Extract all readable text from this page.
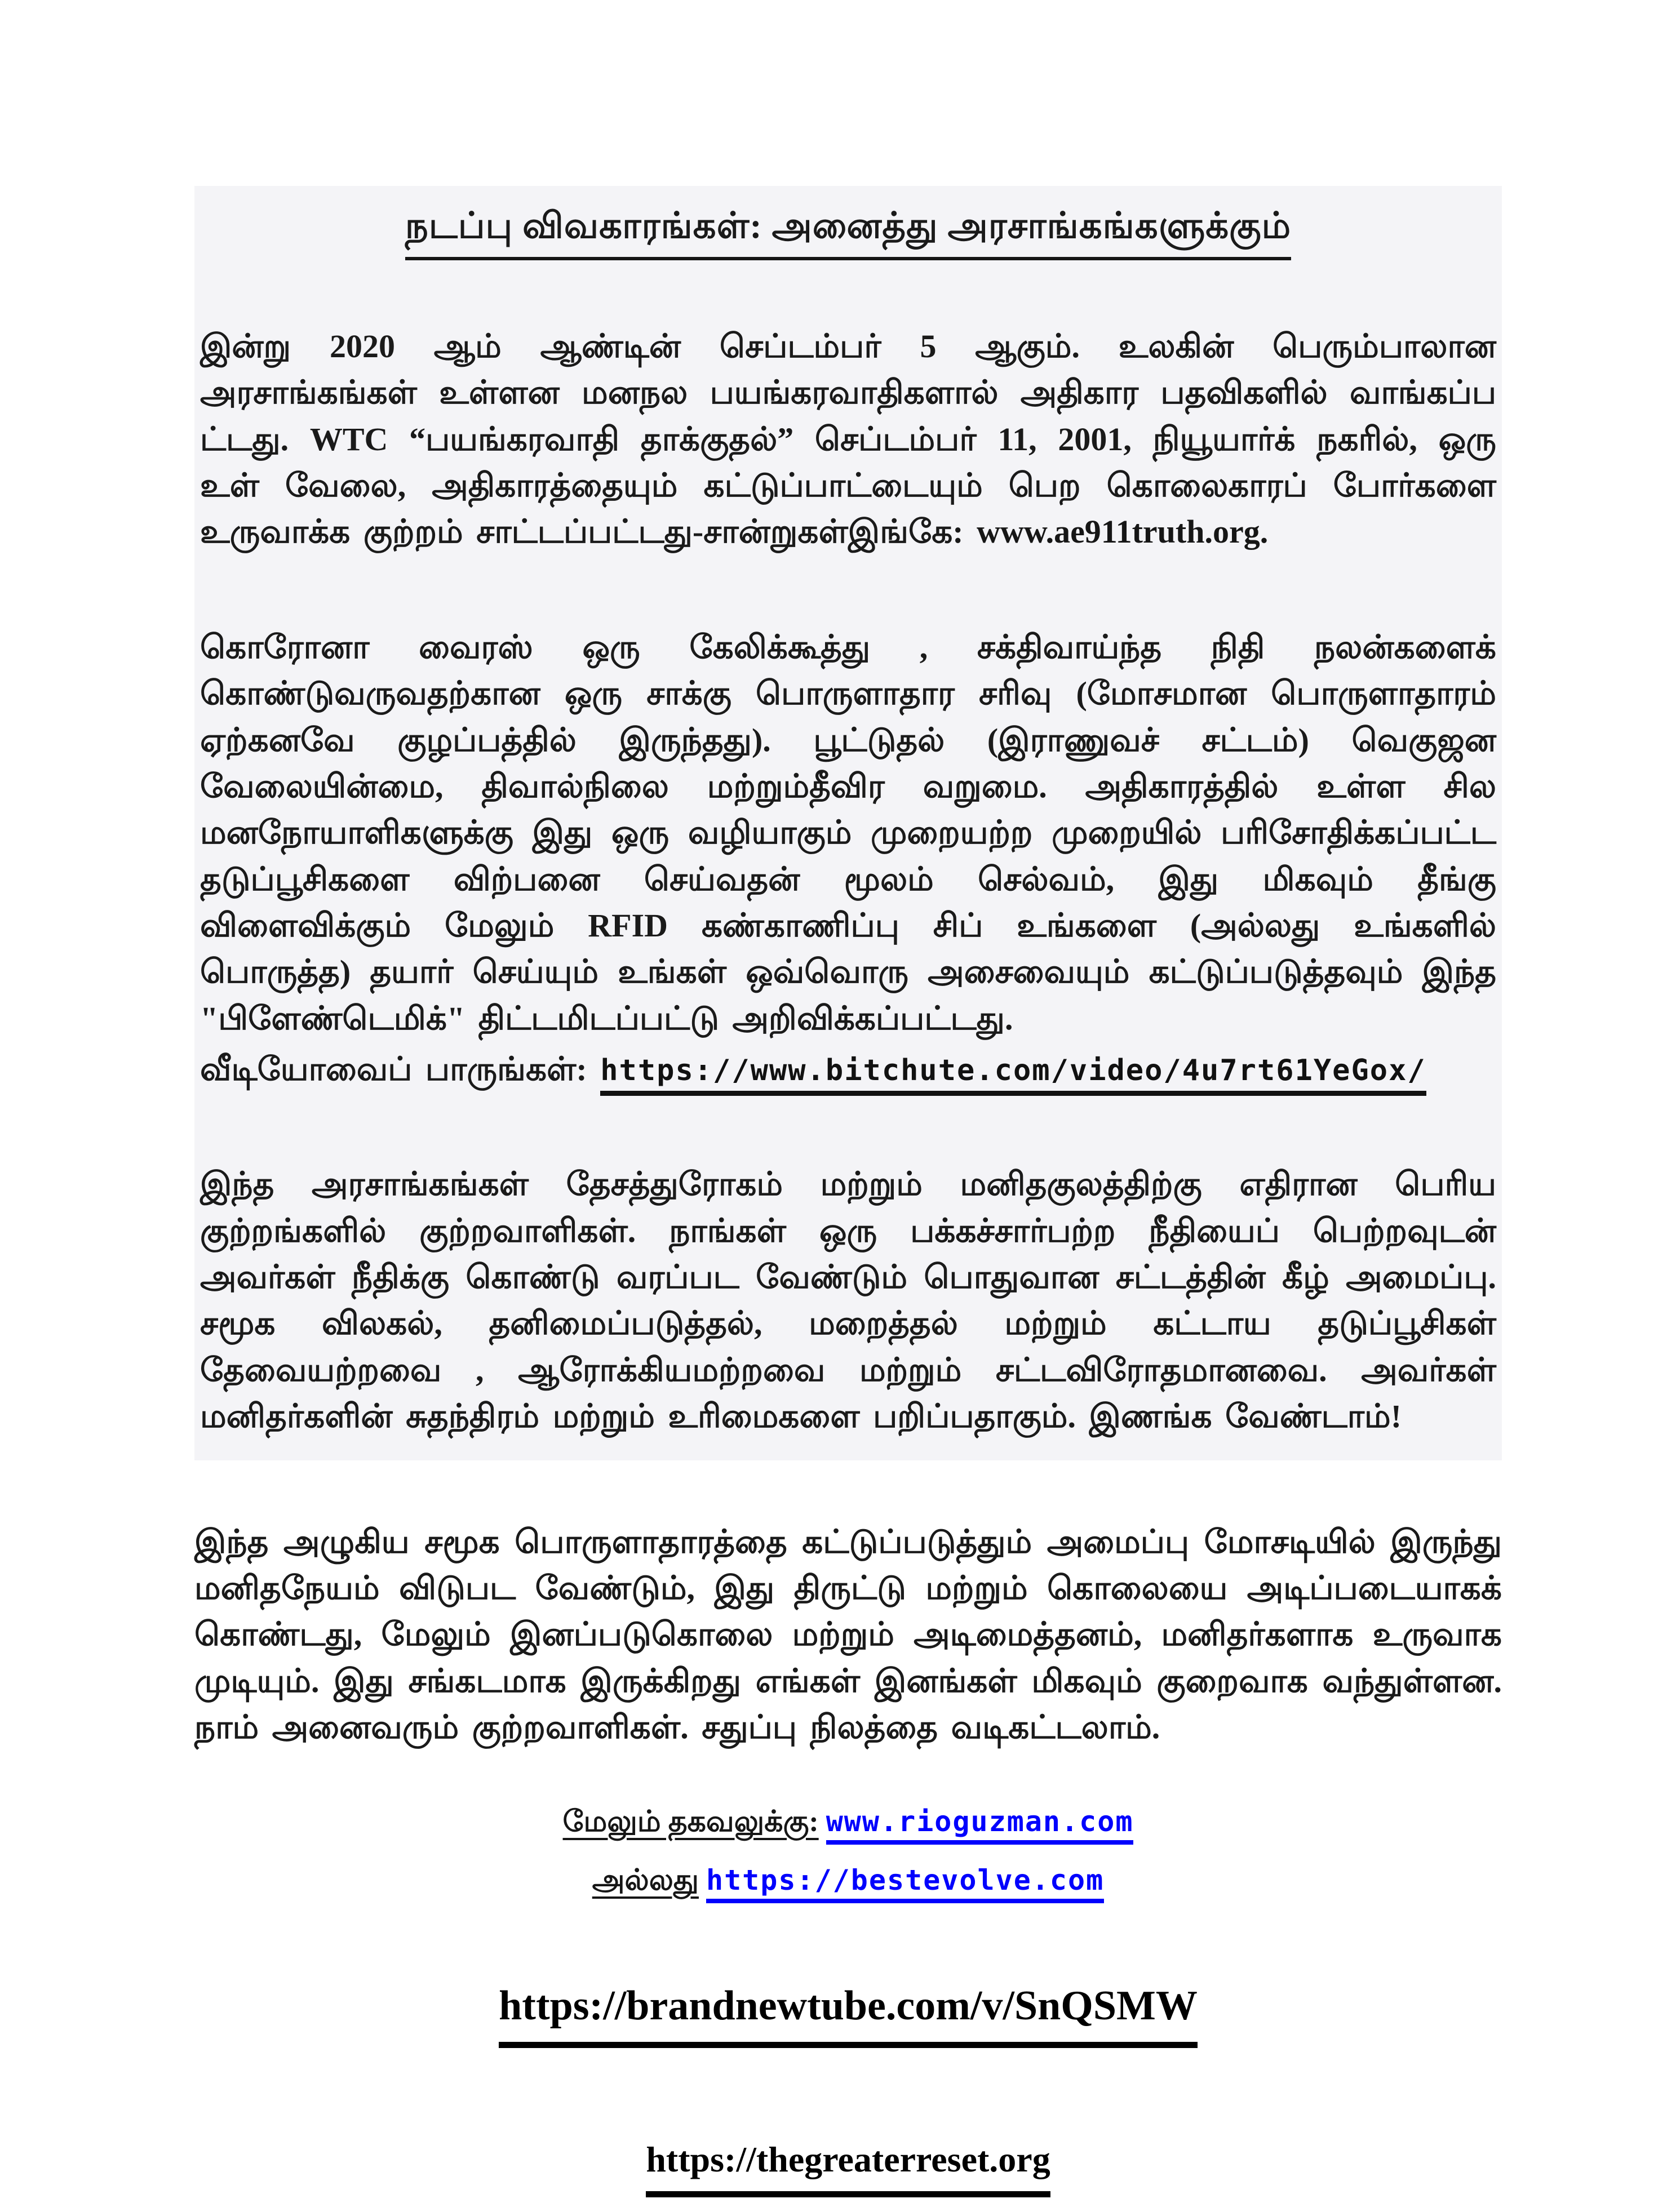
நடப்பு விவகாரங்கள்: அனைத்து அரசாங்கங்களுக்கும்

இன்று 2020 ஆம் ஆண்டின் செப்டம்பர் 5 ஆகும். உலகின் பெரும்பாலான அரசாங்கங்கள் உள்ளன மனநல பயங்கரவாதிகளால் அதிகார பதவிகளில் வாங்கப்ப ட்டது. WTC “பயங்கரவாதி தாக்குதல்” செப்டம்பர் 11, 2001, நியூயார்க் நகரில், ஒரு உள் வேலை, அதிகாரத்தையும் கட்டுப்பாட்டையும் பெற கொலைகாரப் போர்களை உருவாக்க குற்றம் சாட்டப்பட்டது-சான்றுகள்இங்கே: www.ae911truth.org.

கொரோனா வைரஸ் ஒரு கேலிக்கூத்து , சக்திவாய்ந்த நிதி நலன்களைக் கொண்டுவருவதற்கான ஒரு சாக்கு பொருளாதார சரிவு (மோசமான பொருளாதாரம் ஏற்கனவே குழப்பத்தில் இருந்தது). பூட்டுதல் (இராணுவச் சட்டம்) வெகுஜன வேலையின்மை, திவால்நிலை மற்றும்தீவிர வறுமை. அதிகாரத்தில் உள்ள சில மனநோயாளிகளுக்கு இது ஒரு வழியாகும் முறையற்ற முறையில் பரிசோதிக்கப்பட்ட தடுப்பூசிகளை விற்பனை செய்வதன் மூலம் செல்வம், இது மிகவும் தீங்கு விளைவிக்கும் மேலும் RFID கண்காணிப்பு சிப் உங்களை (அல்லது உங்களில் பொருத்த) தயார் செய்யும் உங்கள் ஒவ்வொரு அசைவையும் கட்டுப்படுத்தவும் இந்த "பிளேண்டெமிக்" திட்டமிடப்பட்டு அறிவிக்கப்பட்டது.
வீடியோவைப் பாருங்கள்: https://www.bitchute.com/video/4u7rt61YeGox/

இந்த அரசாங்கங்கள் தேசத்துரோகம் மற்றும் மனிதகுலத்திற்கு எதிரான பெரிய குற்றங்களில் குற்றவாளிகள். நாங்கள் ஒரு பக்கச்சார்பற்ற நீதியைப் பெற்றவுடன் அவர்கள் நீதிக்கு கொண்டு வரப்பட வேண்டும் பொதுவான சட்டத்தின் கீழ் அமைப்பு. சமூக விலகல், தனிமைப்படுத்தல், மறைத்தல் மற்றும் கட்டாய தடுப்பூசிகள் தேவையற்றவை , ஆரோக்கியமற்றவை மற்றும் சட்டவிரோதமானவை. அவர்கள் மனிதர்களின் சுதந்திரம் மற்றும் உரிமைகளை பறிப்பதாகும். இணங்க வேண்டாம்!

இந்த அழுகிய சமூக பொருளாதாரத்தை கட்டுப்படுத்தும் அமைப்பு மோசடியில் இருந்து மனிதநேயம் விடுபட வேண்டும், இது திருட்டு மற்றும் கொலையை அடிப்படையாகக் கொண்டது, மேலும் இனப்படுகொலை மற்றும் அடிமைத்தனம், மனிதர்களாக உருவாக முடியும். இது சங்கடமாக இருக்கிறது எங்கள் இனங்கள் மிகவும் குறைவாக வந்துள்ளன. நாம் அனைவரும் குற்றவாளிகள். சதுப்பு நிலத்தை வடிகட்டலாம்.

மேலும் தகவலுக்கு: www.rioguzman.com

அல்லது https://bestevolve.com

https://brandnewtube.com/v/SnQSMW

https://thegreaterreset.org
